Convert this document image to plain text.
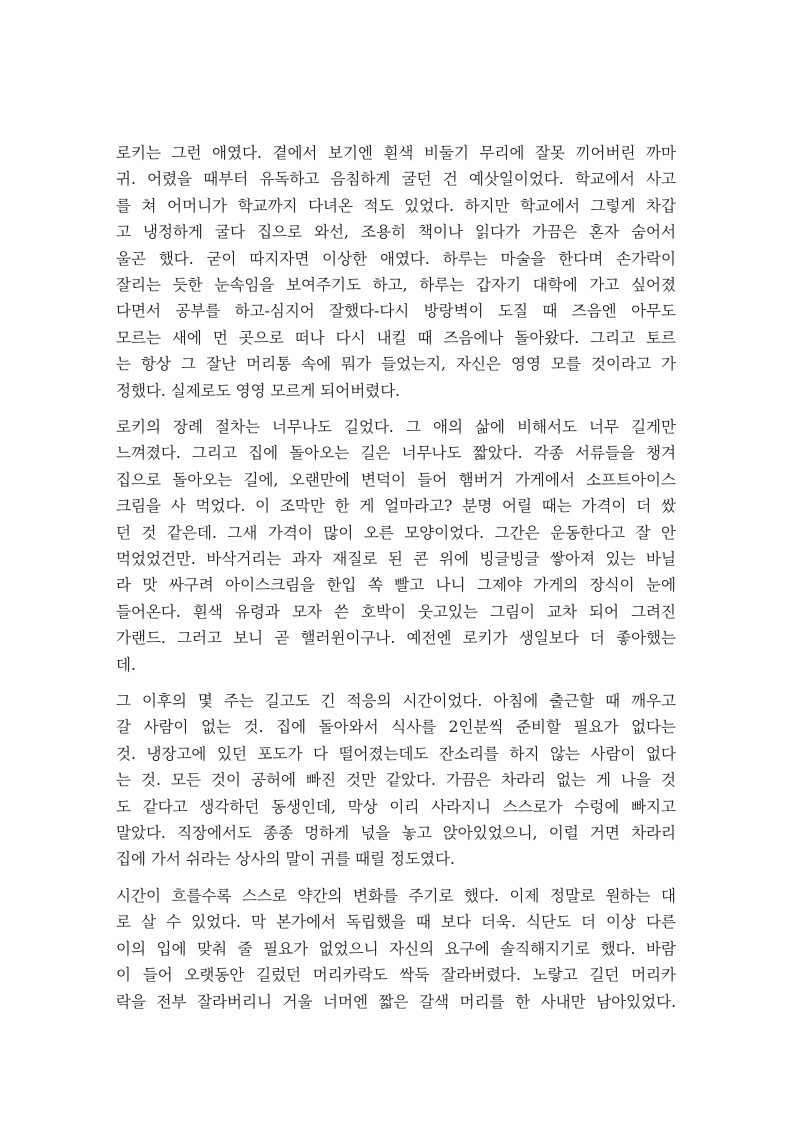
로키는 그런 애였다. 곁에서 보기엔 흰색 비둘기 무리에 잘못 끼어버린 까마
귀. 어렸을 때부터 유독하고 음침하게 굴던 건 예삿일이었다. 학교에서 사고
를 쳐 어머니가 학교까지 다녀온 적도 있었다. 하지만 학교에서 그렇게 차갑
고 냉정하게 굴다 집으로 와선, 조용히 책이나 읽다가 가끔은 혼자 숨어서
울곤 했다. 굳이 따지자면 이상한 애였다. 하루는 마술을 한다며 손가락이
잘리는 듯한 눈속임을 보여주기도 하고, 하루는 갑자기 대학에 가고 싶어졌
다면서 공부를 하고-심지어 잘했다-다시 방랑벽이 도질 때 즈음엔 아무도
모르는 새에 먼 곳으로 떠나 다시 내킬 때 즈음에나 돌아왔다. 그리고 토르
는 항상 그 잘난 머리통 속에 뭐가 들었는지, 자신은 영영 모를 것이라고 가
정했다. 실제로도 영영 모르게 되어버렸다.
로키의 장례 절차는 너무나도 길었다. 그 애의 삶에 비해서도 너무 길게만
느껴졌다. 그리고 집에 돌아오는 길은 너무나도 짧았다. 각종 서류들을 챙겨
집으로 돌아오는 길에, 오랜만에 변덕이 들어 햄버거 가게에서 소프트아이스
크림을 사 먹었다. 이 조막만 한 게 얼마라고? 분명 어릴 때는 가격이 더 쌌
던 것 같은데. 그새 가격이 많이 오른 모양이었다. 그간은 운동한다고 잘 안
먹었었건만. 바삭거리는 과자 재질로 된 콘 위에 빙글빙글 쌓아져 있는 바닐
라 맛 싸구려 아이스크림을 한입 쏙 빨고 나니 그제야 가게의 장식이 눈에
들어온다. 흰색 유령과 모자 쓴 호박이 웃고있는 그림이 교차 되어 그려진
가랜드. 그러고 보니 곧 핼러윈이구나. 예전엔 로키가 생일보다 더 좋아했는
데.
그 이후의 몇 주는 길고도 긴 적응의 시간이었다. 아침에 출근할 때 깨우고
갈 사람이 없는 것. 집에 돌아와서 식사를 2인분씩 준비할 필요가 없다는
것. 냉장고에 있던 포도가 다 떨어졌는데도 잔소리를 하지 않는 사람이 없다
는 것. 모든 것이 공허에 빠진 것만 같았다. 가끔은 차라리 없는 게 나을 것
도 같다고 생각하던 동생인데, 막상 이리 사라지니 스스로가 수렁에 빠지고
말았다. 직장에서도 종종 멍하게 넋을 놓고 앉아있었으니, 이럴 거면 차라리
집에 가서 쉬라는 상사의 말이 귀를 때릴 정도였다.
시간이 흐를수록 스스로 약간의 변화를 주기로 했다. 이제 정말로 원하는 대
로 살 수 있었다. 막 본가에서 독립했을 때 보다 더욱. 식단도 더 이상 다른
이의 입에 맞춰 줄 필요가 없었으니 자신의 요구에 솔직해지기로 했다. 바람
이 들어 오랫동안 길렀던 머리카락도 싹둑 잘라버렸다. 노랗고 길던 머리카
락을 전부 잘라버리니 거울 너머엔 짧은 갈색 머리를 한 사내만 남아있었다.
